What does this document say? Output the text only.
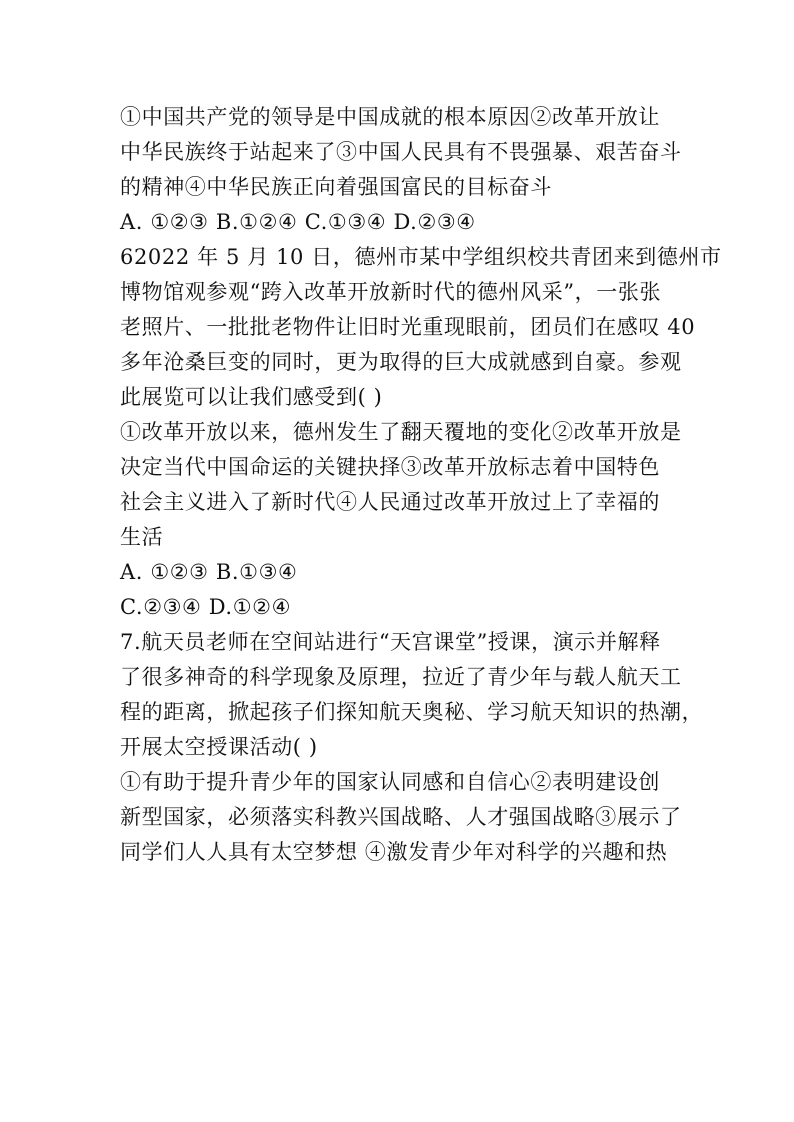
①中国共产党的领导是中国成就的根本原因②改革开放让
中华民族终于站起来了③中国人民具有不畏强暴、艰苦奋斗
的精神④中华民族正向着强国富民的目标奋斗
A. ①②③ B.①②④ C.①③④ D.②③④
62022 年 5 月 10 日，德州市某中学组织校共青团来到德州市
博物馆观参观“跨入改革开放新时代的德州风采”，一张张
老照片、一批批老物件让旧时光重现眼前，团员们在感叹 40
多年沧桑巨变的同时，更为取得的巨大成就感到自豪。参观
此展览可以让我们感受到( )
①改革开放以来，德州发生了翻天覆地的变化②改革开放是
决定当代中国命运的关键抉择③改革开放标志着中国特色
社会主义进入了新时代④人民通过改革开放过上了幸福的
生活
A. ①②③ B.①③④
C.②③④ D.①②④
7.航天员老师在空间站进行“天宫课堂”授课，演示并解释
了很多神奇的科学现象及原理，拉近了青少年与载人航天工
程的距离，掀起孩子们探知航天奥秘、学习航天知识的热潮，
开展太空授课活动( )
①有助于提升青少年的国家认同感和自信心②表明建设创
新型国家，必须落实科教兴国战略、人才强国战略③展示了
同学们人人具有太空梦想 ④激发青少年对科学的兴趣和热
